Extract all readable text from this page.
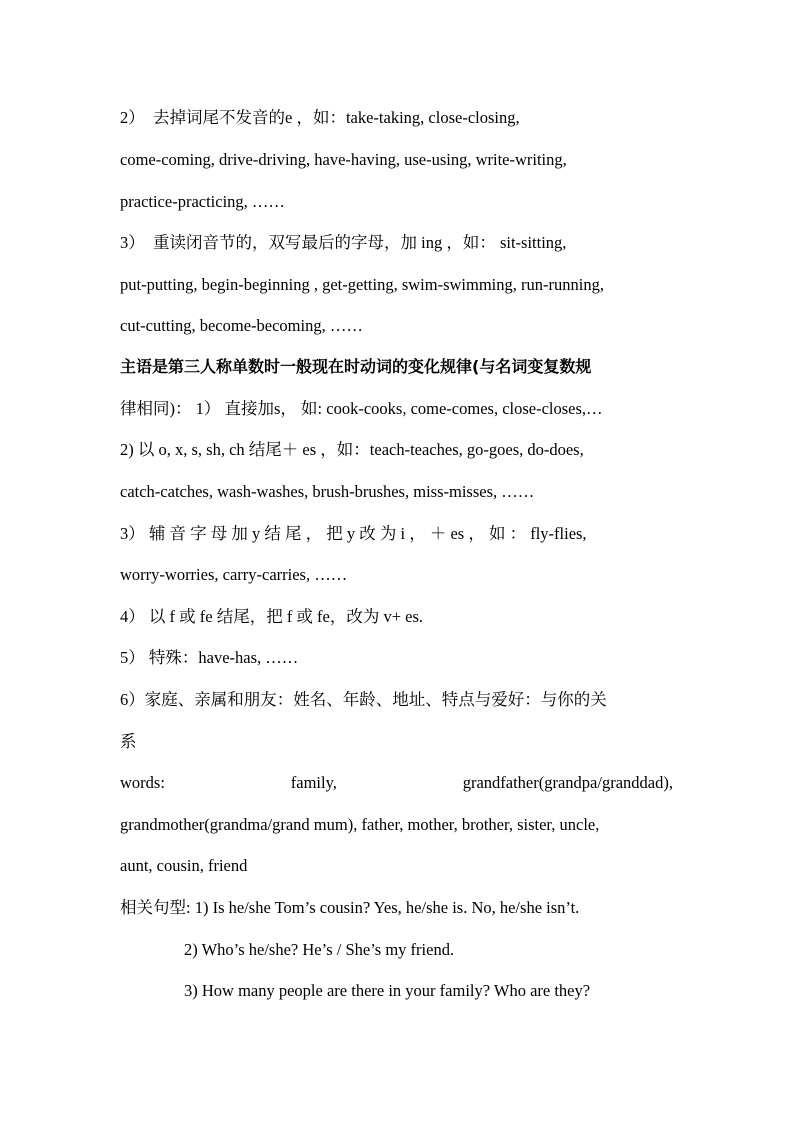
2）　去掉词尾不发音的e ，如：take-taking, close-closing,
come-coming, drive-driving, have-having, use-using, write-writing,
practice-practicing, ……
3）　重读闭音节的，双写最后的字母，加 ing ，如： sit-sitting,
put-putting, begin-beginning , get-getting, swim-swimming, run-running,
cut-cutting, become-becoming, ……
主语是第三人称单数时一般现在时动词的变化规律(与名词变复数规
律相同)： 1） 直接加s， 如: cook-cooks, come-comes, close-closes,…
2) 以 o, x, s, sh, ch 结尾＋ es ，如：teach-teaches, go-goes, do-does,
catch-catches, wash-washes, brush-brushes, miss-misses, ……
3） 辅 音 字 母 加 y 结 尾 ， 把 y 改 为 i ， ＋ es ， 如 ： fly-flies,
worry-worries, carry-carries, ……
4） 以 f 或 fe 结尾，把 f 或 fe，改为 v+ es.
5） 特殊：have-has, ……
6）家庭、亲属和朋友：姓名、年龄、地址、特点与爱好：与你的关
系
words:	family,	grandfather(grandpa/granddad),
grandmother(grandma/grand mum), father, mother, brother, sister, uncle,
aunt, cousin, friend
相关句型: 1) Is he/she Tom’s cousin? Yes, he/she is. No, he/she isn’t.
2) Who’s he/she? He’s / She’s my friend.
3) How many people are there in your family? Who are they?
